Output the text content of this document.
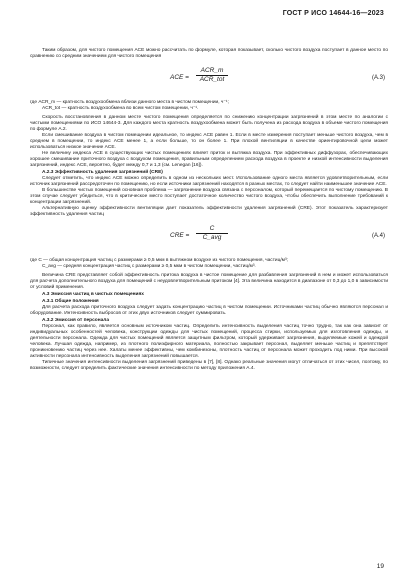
ГОСТ Р ИСО 14644-16—2023

Таким образом, для чистого помещения ACE можно рассчитать по формуле, которая показывает, сколько чистого воздуха поступает в данное место по сравнению со средним значением для чистого помещения

ACE =
ACR_m
ACR_tot	(А.3)

где ACR_m — кратность воздухообмена вблизи данного места в чистом помещении, ч⁻¹;

ACR_tot — кратность воздухообмена во всем чистом помещении, ч⁻¹.

Скорость восстановления в данном месте чистого помещения определяется по снижению концентрации загрязнений в этом месте по аналогии с чистыми помещениями по ИСО 14644-3. Для каждого места кратность воздухообмена может быть получена из расхода воздуха в объеме чистого помещения по формуле А.2.

Если смешивание воздуха в чистом помещении идеальное, то индекс ACE равен 1. Если в месте измерения поступает меньше чистого воздуха, чем в среднем в помещении, то индекс ACE менее 1, а если больше, то он более 1. При плохой вентиляции в качестве ориентировочной цели может использоваться низкое значение ACE.

Не величину индекса ACE в существующих чистых помещениях влияет приток и вытяжка воздуха. При эффективных диффузорах, обеспечивающих хорошее смешивание приточного воздуха с воздухом помещения, правильным определением расхода воздуха в проекте и низкой интенсивности выделения загрязнений, индекс ACE, вероятно, будет между 0,7 и 1,3 (см. Lenegan [16]).

А.2.3 Эффективность удаления загрязнений (CRE)

Следует отметить, что индекс ACE можно определить в одном из нескольких мест. Использование одного места является удовлетворительным, если источник загрязнений рассредоточен по помещению, но если источники загрязнений находятся в разных местах, то следует найти наименьшее значение ACE.

В большинстве чистых помещений основная проблема — загрязнение воздуха связана с персоналом, который перемещается по чистому помещению. В этом случае следует убедиться, что в критическое место поступает достаточное количество чистого воздуха, чтобы обеспечить выполнение требований к концентрации загрязнений.

Альтернативную оценку эффективности вентиляции дает показатель эффективности удаления загрязнений (CRE). Этот показатель характеризует эффективность удаления частиц

CRE =
C
C_avg	(А.4)

где C — общая концентрация частиц с размерами ≥ 0,5 мкм в вытяжном воздухе из чистого помещения, частиц/м³;

C_avg — средняя концентрация частиц с размерами ≥ 0,5 мкм в чистом помещении, частиц/м³.

Величина CRE представляет собой эффективность притока воздуха в чистое помещение для разбавления загрязнений в нем и может использоваться для расчета дополнительного воздуха для помещений с неудовлетворительным притоком [4]. Эта величина находится в диапазоне от 0,3 до 1,0 в зависимости от условий применения.

А.3 Эмиссия частиц в чистых помещениях

А.3.1 Общие положения

Для расчета расхода приточного воздуха следует задать концентрацию частиц в чистом помещении. Источниками частиц обычно являются персонал и оборудование. Интенсивность выбросов от этих двух источников следует суммировать.

А.3.2 Эмиссия от персонала

Персонал, как правило, является основным источником частиц. Определить интенсивность выделения частиц точно трудно, так как она зависит от индивидуальных особенностей человека, конструкции одежды для чистых помещений, процесса стирки, используемых для изготовления одежды, и деятельности персонала. Одежда для чистых помещений является защитным фильтром, который удерживает загрязнения, выделяемые кожей и одеждой человека. Лучшая одежда, например, из плотного полиэфирного материала, полностью закрывает персонал, выделяет меньше частиц и препятствует проникновению частиц через нее. Халаты менее эффективны, чем комбинезоны, плотность частиц от персонала может проходить под ними. При высокой активности персонала интенсивность выделения загрязнений повышается.

Типичные значения интенсивности выделения загрязнений приведены в [7], [8]. Однако реальные значения могут отличаться от этих чисел, поэтому, по возможности, следует определить фактические значения интенсивности по методу приложения А.4.

19
